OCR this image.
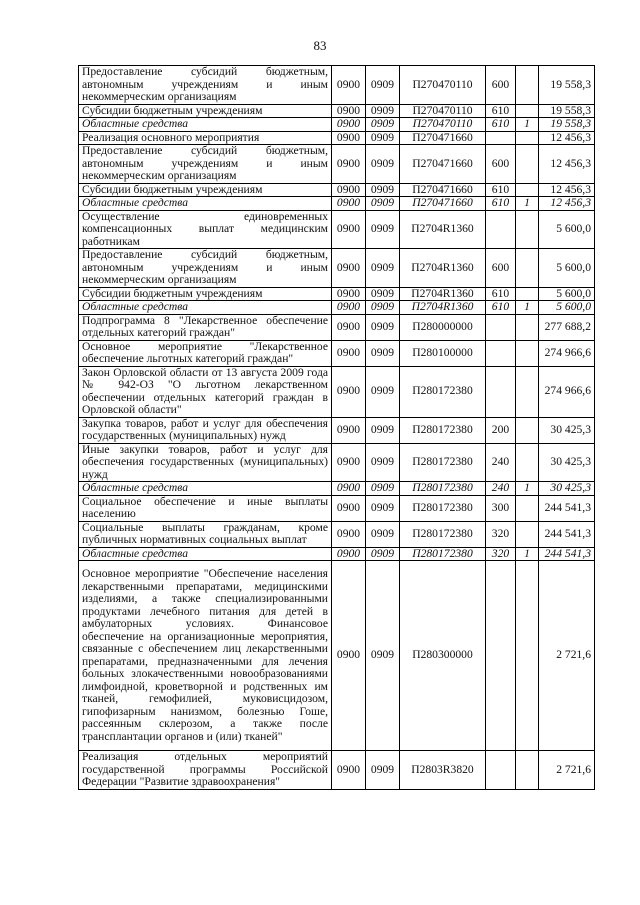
83
Предоставление субсидий бюджетным, автономным учреждениям и иным некоммерческим организациям	0900	0909	П270470110	600		19 558,3
Субсидии бюджетным учреждениям	0900	0909	П270470110	610		19 558,3
Областные средства	0900	0909	П270470110	610	1	19 558,3
Реализация основного мероприятия	0900	0909	П270471660			12 456,3
Предоставление субсидий бюджетным, автономным учреждениям и иным некоммерческим организациям	0900	0909	П270471660	600		12 456,3
Субсидии бюджетным учреждениям	0900	0909	П270471660	610		12 456,3
Областные средства	0900	0909	П270471660	610	1	12 456,3
Осуществление единовременных компенсационных выплат медицинским работникам	0900	0909	П2704R1360			5 600,0
Предоставление субсидий бюджетным, автономным учреждениям и иным некоммерческим организациям	0900	0909	П2704R1360	600		5 600,0
Субсидии бюджетным учреждениям	0900	0909	П2704R1360	610		5 600,0
Областные средства	0900	0909	П2704R1360	610	1	5 600,0
Подпрограмма 8 "Лекарственное обеспечение отдельных категорий граждан"	0900	0909	П280000000			277 688,2
Основное мероприятие "Лекарственное обеспечение льготных категорий граждан"	0900	0909	П280100000			274 966,6
Закон Орловской области от 13 августа 2009 года № 942-ОЗ "О льготном лекарственном обеспечении отдельных категорий граждан в Орловской области"	0900	0909	П280172380			274 966,6
Закупка товаров, работ и услуг для обеспечения государственных (муниципальных) нужд	0900	0909	П280172380	200		30 425,3
Иные закупки товаров, работ и услуг для обеспечения государственных (муниципальных) нужд	0900	0909	П280172380	240		30 425,3
Областные средства	0900	0909	П280172380	240	1	30 425,3
Социальное обеспечение и иные выплаты населению	0900	0909	П280172380	300		244 541,3
Социальные выплаты гражданам, кроме публичных нормативных социальных выплат	0900	0909	П280172380	320		244 541,3
Областные средства	0900	0909	П280172380	320	1	244 541,3
Основное мероприятие "Обеспечение населения лекарственными препаратами, медицинскими изделиями, а также специализированными продуктами лечебного питания для детей в амбулаторных условиях. Финансовое обеспечение на организационные мероприятия, связанные с обеспечением лиц лекарственными препаратами, предназначенными для лечения больных злокачественными новообразованиями лимфоидной, кроветворной и родственных им тканей, гемофилией, муковисцидозом, гипофизарным нанизмом, болезнью Гоше, рассеянным склерозом, а также после трансплантации органов и (или) тканей"	0900	0909	П280300000			2 721,6
Реализация отдельных мероприятий государственной программы Российской Федерации "Развитие здравоохранения"	0900	0909	П2803R3820			2 721,6
